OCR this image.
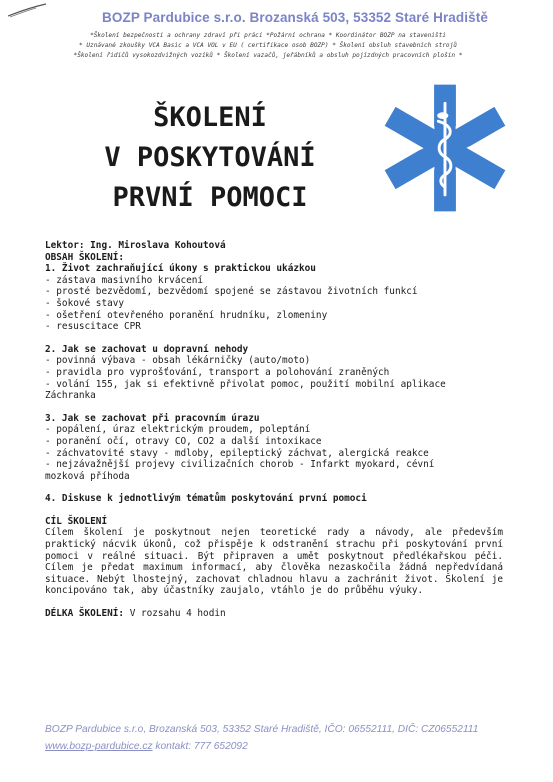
BOZP Pardubice s.r.o. Brozanská 503, 53352 Staré Hradiště
*Školení bezpečnosti a ochrany zdraví při práci *Požární ochrana * Koordinátor BOZP na staveništi
* Uznávané zkoušky VCA Basic a VCA VOL v EU ( certifikace osob BOZP) * Školení obsluh stavebních strojů
*Školení řidičů vysokozdvižných vozíků * Školení vazačů, jeřábníků a obsluh pojízdných pracovních plošin *
ŠKOLENÍ
V POSKYTOVÁNÍ
PRVNÍ POMOCI
Lektor: Ing. Miroslava Kohoutová
OBSAH ŠKOLENÍ:
1. Život zachraňující úkony s praktickou ukázkou
- zástava masivního krvácení
- prosté bezvědomí, bezvědomí spojené se zástavou životních funkcí
- šokové stavy
- ošetření otevřeného poranění hrudníku, zlomeniny
- resuscitace CPR
2. Jak se zachovat u dopravní nehody
- povinná výbava - obsah lékárničky (auto/moto)
- pravidla pro vyprošťování, transport a polohování zraněných
- volání 155, jak si efektivně přivolat pomoc, použití mobilní aplikace
Záchranka
3. Jak se zachovat při pracovním úrazu
- popálení, úraz elektrickým proudem, poleptání
- poranění očí, otravy CO, CO2 a další intoxikace
- záchvatovité stavy - mdloby, epileptický záchvat, alergická reakce
- nejzávažnější projevy civilizačních chorob - Infarkt myokard, cévní
mozková příhoda
4. Diskuse k jednotlivým tématům poskytování první pomoci
CÍL ŠKOLENÍ
Cílem školení je poskytnout nejen teoretické rady a návody, ale především praktický nácvik úkonů, což přispěje k odstranění strachu při poskytování první pomoci v reálné situaci. Být připraven a umět poskytnout předlékařskou péči. Cílem je předat maximum informací, aby člověka nezaskočila žádná nepředvídaná situace. Nebýt lhostejný, zachovat chladnou hlavu a zachránit život. Školení je koncipováno tak, aby účastníky zaujalo, vtáhlo je do průběhu výuky.
DÉLKA ŠKOLENÍ: V rozsahu 4 hodin
BOZP Pardubice s.r.o, Brozanská 503, 53352 Staré Hradiště, IČO: 06552111, DIČ: CZ06552111
www.bozp-pardubice.cz kontakt: 777 652092
